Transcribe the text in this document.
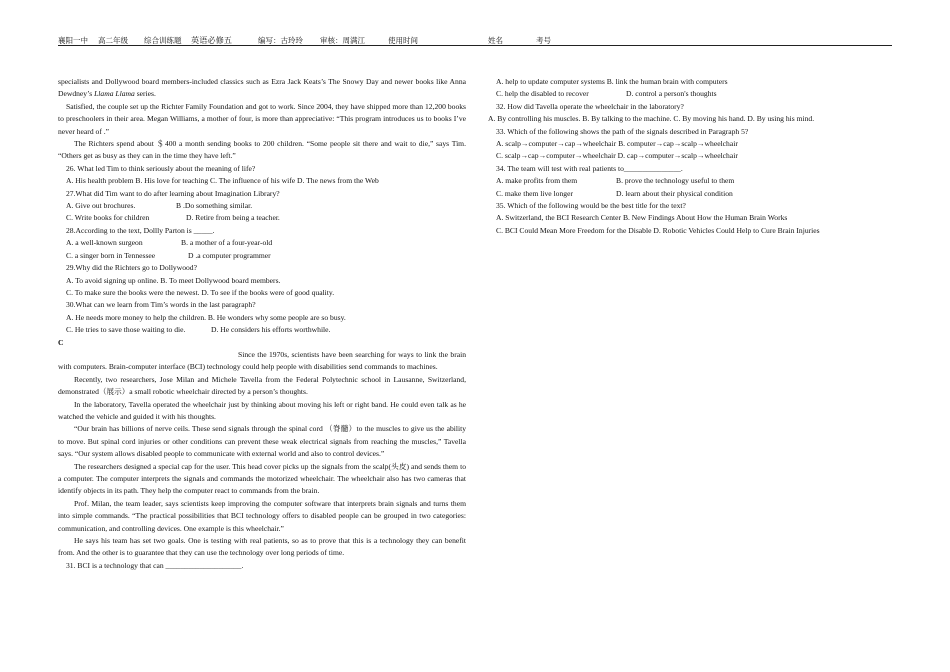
襄阳一中 高二年级 综合训练题 英语必修五	编写：古玲玲 审核：周满江	使用时间	姓名	考号

specialists and Dollywood board members-included classics such as Ezra Jack Keats’s The Snowy Day and newer books like Anna Dewdney’s Llama Llama series.

Satisfied, the couple set up the Richter Family Foundation and got to work. Since 2004, they have shipped more than 12,200 books to preschoolers in their area. Megan Williams, a mother of four, is more than appreciative: “This program introduces us to books I’ve never heard of .”

The Richters spend about ＄400 a month sending books to 200 children. “Some people sit there and wait to die,” says Tim. “Others get as busy as they can in the time they have left.”

26. What led Tim to think seriously about the meaning of life?

A. His health problem B. His love for teaching C. The influence of his wife D. The news from the Web

27.What did Tim want to do after learning about Imagination Library?

A. Give out brochures.	B .Do something similar.

C. Write books for children	D. Retire from being a teacher.

28.According to the text, Dollly Parton is _____.

A. a well-known surgeon	B. a mother of a four-year-old

C. a singer born in Tennessee	D .a computer programmer

29.Why did the Richters go to Dollywood?

A. To avoid signing up online. B. To meet Dollywood board members.

C. To make sure the books were the newest. D. To see if the books were of good quality.

30.What can we learn from Tim’s words in the last paragraph?

A. He needs more money to help the children. B. He wonders why some people are so busy.

C. He tries to save those waiting to die.	D. He considers his efforts worthwhile.

C

Since the 1970s, scientists have been searching for ways to link the brain with computers. Brain-computer interface (BCI) technology could help people with disabilities send commands to machines.

Recently, two researchers, Jose Milan and Michele Tavella from the Federal Polytechnic school in Lausanne, Switzerland, demonstrated（展示）a small robotic wheelchair directed by a person’s thoughts.

In the laboratory, Tavella operated the wheelchair just by thinking about moving his left or right band. He could even talk as he watched the vehicle and guided it with his thoughts.

“Our brain has billions of nerve ceils. These send signals through the spinal cord （脊髓）to the muscles to give us the ability to move. But spinal cord injuries or other conditions can prevent these weak electrical signals from reaching the muscles,” Tavella says. “Our system allows disabled people to communicate with external world and also to control devices.”

The researchers designed a special cap for the user. This head cover picks up the signals from the scalp(头皮) and sends them to a computer. The computer interprets the signals and commands the motorized wheelchair. The wheelchair also has two cameras that identify objects in its path. They help the computer react to commands from the brain.

Prof. Milan, the team leader, says scientists keep improving the computer software that interprets brain signals and turns them into simple commands. “The practical possibilities that BCI technology offers to disabled people can be grouped in two categories: communication, and controlling devices. One example is this wheelchair.”

He says his team has set two goals. One is testing with real patients, so as to prove that this is a technology they can benefit from. And the other is to guarantee that they can use the technology over long periods of time.

31. BCI is a technology that can ____________________.

A. help to update computer systems B. link the human brain with computers

C. help the disabled to recover	D. control a person's thoughts

32. How did Tavella operate the wheelchair in the laboratory?

A. By controlling his muscles. B. By talking to the machine. C. By moving his hand. D. By using his mind.

33. Which of the following shows the path of the signals described in Paragraph 5?

A. scalp→computer→cap→wheelchair B. computer→cap→scalp→wheelchair

C. scalp→cap→computer→wheelchair D. cap→computer→scalp→wheelchair

34. The team will test with real patients to_______________.

A. make profits from them	B. prove the technology useful to them

C. make them live longer	D. learn about their physical condition

35. Which of the following would be the best title for the text?

A. Switzerland, the BCI Research Center B. New Findings About How the Human Brain Works

C. BCI Could Mean More Freedom for the Disable D. Robotic Vehicles Could Help to Cure Brain Injuries
